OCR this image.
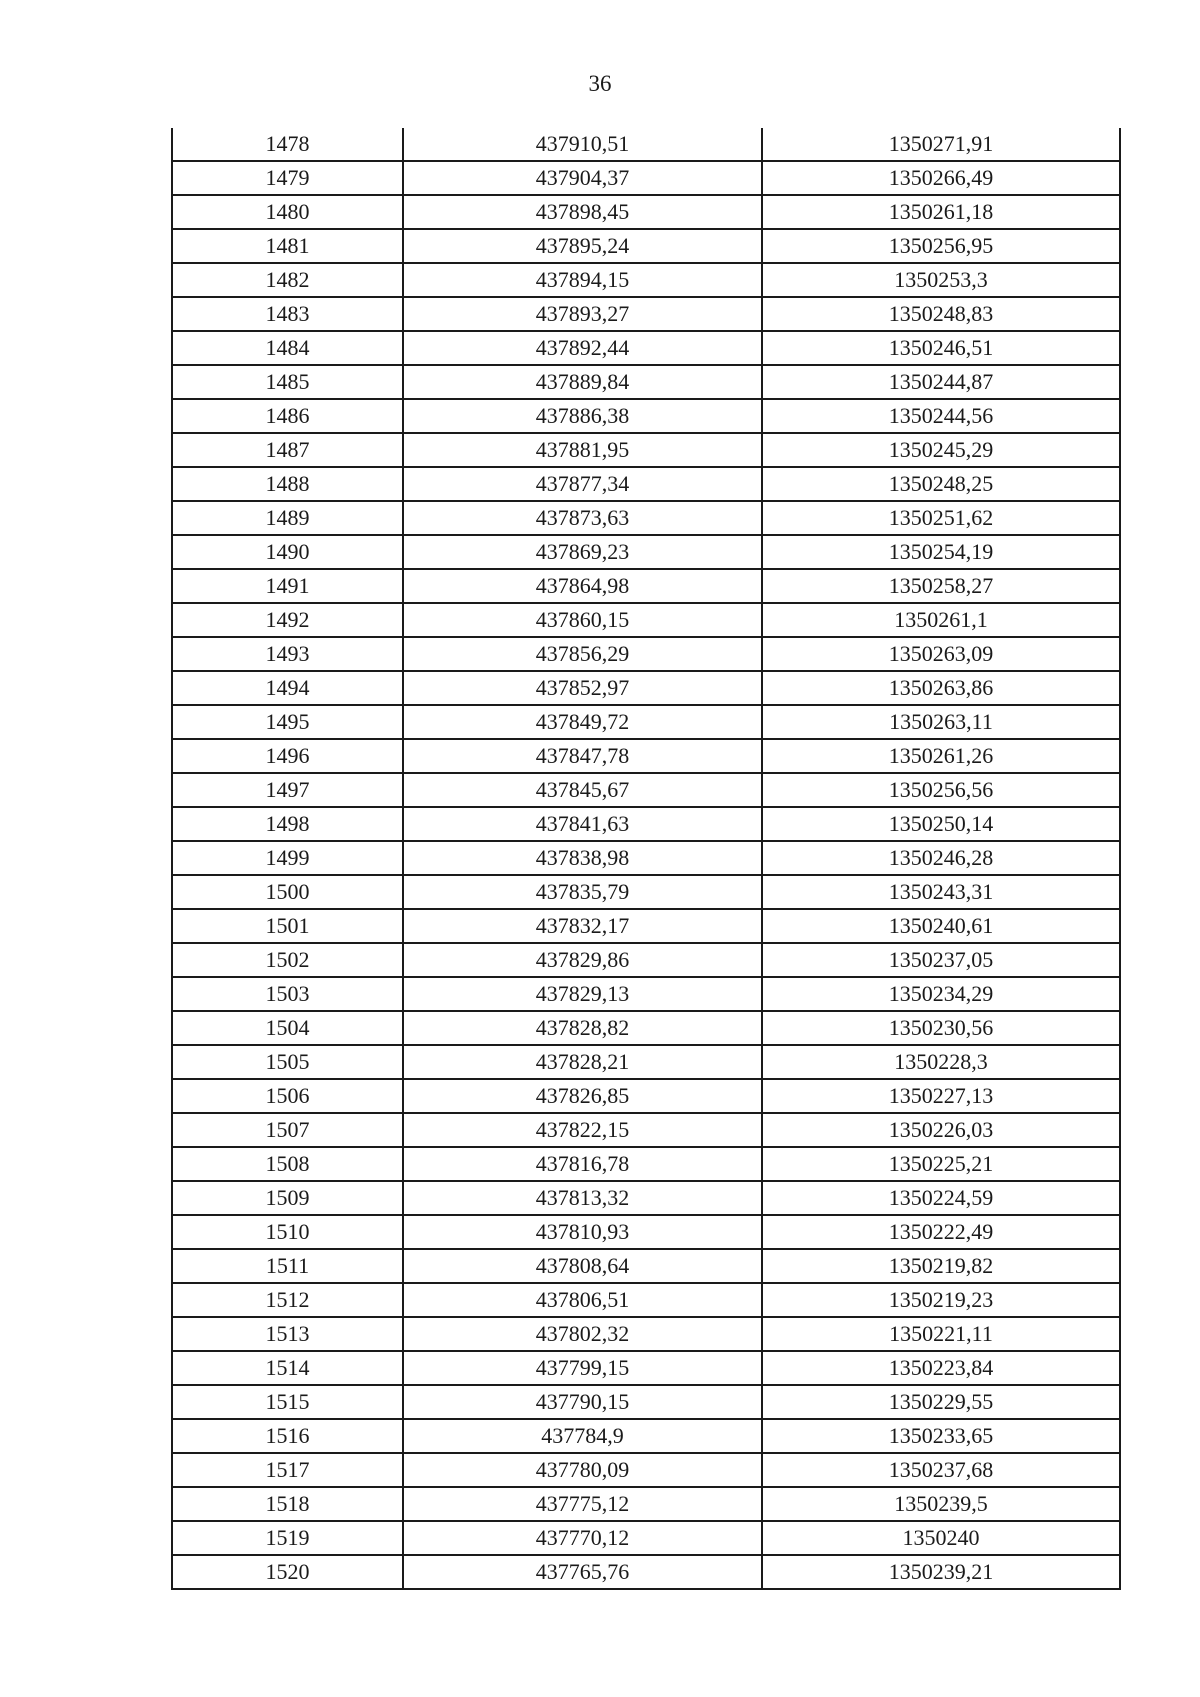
36
1478	437910,51	1350271,91
1479	437904,37	1350266,49
1480	437898,45	1350261,18
1481	437895,24	1350256,95
1482	437894,15	1350253,3
1483	437893,27	1350248,83
1484	437892,44	1350246,51
1485	437889,84	1350244,87
1486	437886,38	1350244,56
1487	437881,95	1350245,29
1488	437877,34	1350248,25
1489	437873,63	1350251,62
1490	437869,23	1350254,19
1491	437864,98	1350258,27
1492	437860,15	1350261,1
1493	437856,29	1350263,09
1494	437852,97	1350263,86
1495	437849,72	1350263,11
1496	437847,78	1350261,26
1497	437845,67	1350256,56
1498	437841,63	1350250,14
1499	437838,98	1350246,28
1500	437835,79	1350243,31
1501	437832,17	1350240,61
1502	437829,86	1350237,05
1503	437829,13	1350234,29
1504	437828,82	1350230,56
1505	437828,21	1350228,3
1506	437826,85	1350227,13
1507	437822,15	1350226,03
1508	437816,78	1350225,21
1509	437813,32	1350224,59
1510	437810,93	1350222,49
1511	437808,64	1350219,82
1512	437806,51	1350219,23
1513	437802,32	1350221,11
1514	437799,15	1350223,84
1515	437790,15	1350229,55
1516	437784,9	1350233,65
1517	437780,09	1350237,68
1518	437775,12	1350239,5
1519	437770,12	1350240
1520	437765,76	1350239,21
